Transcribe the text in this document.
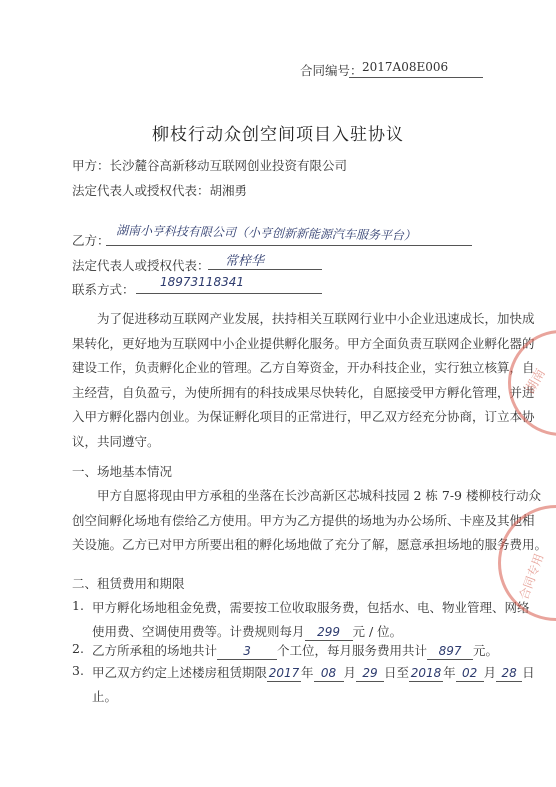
合同编号： 2017A08E006
柳枝行动众创空间项目入驻协议
甲方：长沙麓谷高新移动互联网创业投资有限公司
法定代表人或授权代表：胡湘勇
乙方： 湖南小亨科技有限公司（小亨创新新能源汽车服务平台）
法定代表人或授权代表： 常梓华
联系方式： 18973118341

为了促进移动互联网产业发展，扶持相关互联网行业中小企业迅速成长，加快成

果转化，更好地为互联网中小企业提供孵化服务。甲方全面负责互联网企业孵化器的

建设工作，负责孵化企业的管理。乙方自筹资金，开办科技企业，实行独立核算，自

主经营，自负盈亏，为使所拥有的科技成果尽快转化，自愿接受甲方孵化管理，并进

入甲方孵化器内创业。为保证孵化项目的正常进行，甲乙双方经充分协商，订立本协

议，共同遵守。

一、场地基本情况

甲方自愿将现由甲方承租的坐落在长沙高新区芯城科技园 2 栋 7-9 楼柳枝行动众

创空间孵化场地有偿给乙方使用。甲方为乙方提供的场地为办公场所、卡座及其他相

关设施。乙方已对甲方所要出租的孵化场地做了充分了解，愿意承担场地的服务费用。

二、租赁费用和期限
1. 甲方孵化场地租金免费，需要按工位收取服务费，包括水、电、物业管理、网络
使用费、空调使用费等。计费规则每月 299 元 / 位。
2. 乙方所承租的场地共计 3 个工位，每月服务费用共计 897 元。
3. 甲乙双方约定上述楼房租赁期限 2017 年 08 月 29 日至 2018 年 02 月 28 日
止。
湖南
合同专用
